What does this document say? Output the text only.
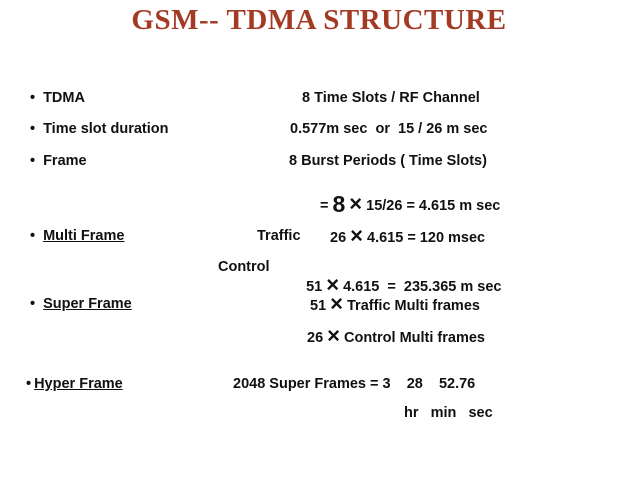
GSM-- TDMA STRUCTURE
• TDMA	8 Time Slots / RF Channel
• Time slot duration	0.577m sec  or  15 / 26 m sec
• Frame	8 Burst Periods ( Time Slots)
= 8 × 15/26 = 4.615 m sec
• Multi Frame	Traffic 26 × 4.615 = 120 msec
Control

51 × 4.615  =  235.365 m sec

• Super Frame	51 × Traffic Multi frames
26 × Control Multi frames
• Hyper Frame	2048 Super Frames = 3    28    52.76
hr   min   sec
